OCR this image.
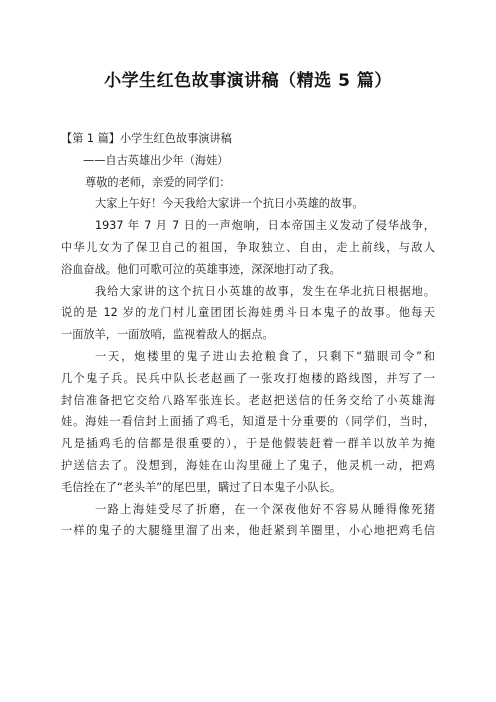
小学生红色故事演讲稿（精选 5 篇）
【第 1 篇】小学生红色故事演讲稿
——自古英雄出少年（海娃）
尊敬的老师，亲爱的同学们：
大家上午好！今天我给大家讲一个抗日小英雄的故事。
1937 年 7 月 7 日的一声炮响，日本帝国主义发动了侵华战争，
中华儿女为了保卫自己的祖国，争取独立、自由，走上前线，与敌人
浴血奋战。他们可歌可泣的英雄事迹，深深地打动了我。
我给大家讲的这个抗日小英雄的故事，发生在华北抗日根据地。
说的是 12 岁的龙门村儿童团团长海娃勇斗日本鬼子的故事。他每天
一面放羊，一面放哨，监视着敌人的据点。
一天，炮楼里的鬼子进山去抢粮食了，只剩下“猫眼司令”和
几个鬼子兵。民兵中队长老赵画了一张攻打炮楼的路线图，并写了一
封信准备把它交给八路军张连长。老赵把送信的任务交给了小英雄海
娃。海娃一看信封上面插了鸡毛，知道是十分重要的（同学们，当时，
凡是插鸡毛的信都是很重要的），于是他假装赶着一群羊以放羊为掩
护送信去了。没想到，海娃在山沟里碰上了鬼子，他灵机一动，把鸡
毛信拴在了“老头羊”的尾巴里，瞒过了日本鬼子小队长。
一路上海娃受尽了折磨，在一个深夜他好不容易从睡得像死猪
一样的鬼子的大腿缝里溜了出来，他赶紧到羊圈里，小心地把鸡毛信
